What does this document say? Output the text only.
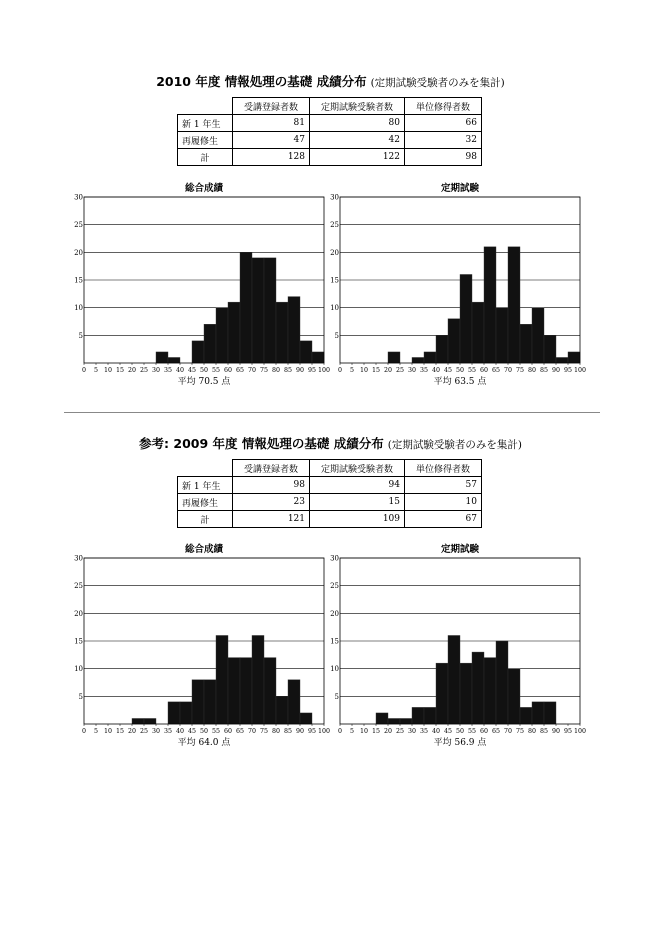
2010 年度 情報処理の基礎 成績分布 (定期試験受験者のみを集計)
	受講登録者数	定期試験受験者数	単位修得者数
新 1 年生	81	80	66
再履修生	47	42	32
計	128	122	98
総合成績
5
10
15
20
25
30
0 5 10 15 20 25 30 35 40 45 50 55 60 65 70 75 80 85 90 95 100
平均 70.5 点
定期試験
5
10
15
20
25
30
0 5 10 15 20 25 30 35 40 45 50 55 60 65 70 75 80 85 90 95 100
平均 63.5 点
参考: 2009 年度 情報処理の基礎 成績分布 (定期試験受験者のみを集計)
	受講登録者数	定期試験受験者数	単位修得者数
新 1 年生	98	94	57
再履修生	23	15	10
計	121	109	67
総合成績
5
10
15
20
25
30
0 5 10 15 20 25 30 35 40 45 50 55 60 65 70 75 80 85 90 95 100
平均 64.0 点
定期試験
5
10
15
20
25
30
0 5 10 15 20 25 30 35 40 45 50 55 60 65 70 75 80 85 90 95 100
平均 56.9 点
